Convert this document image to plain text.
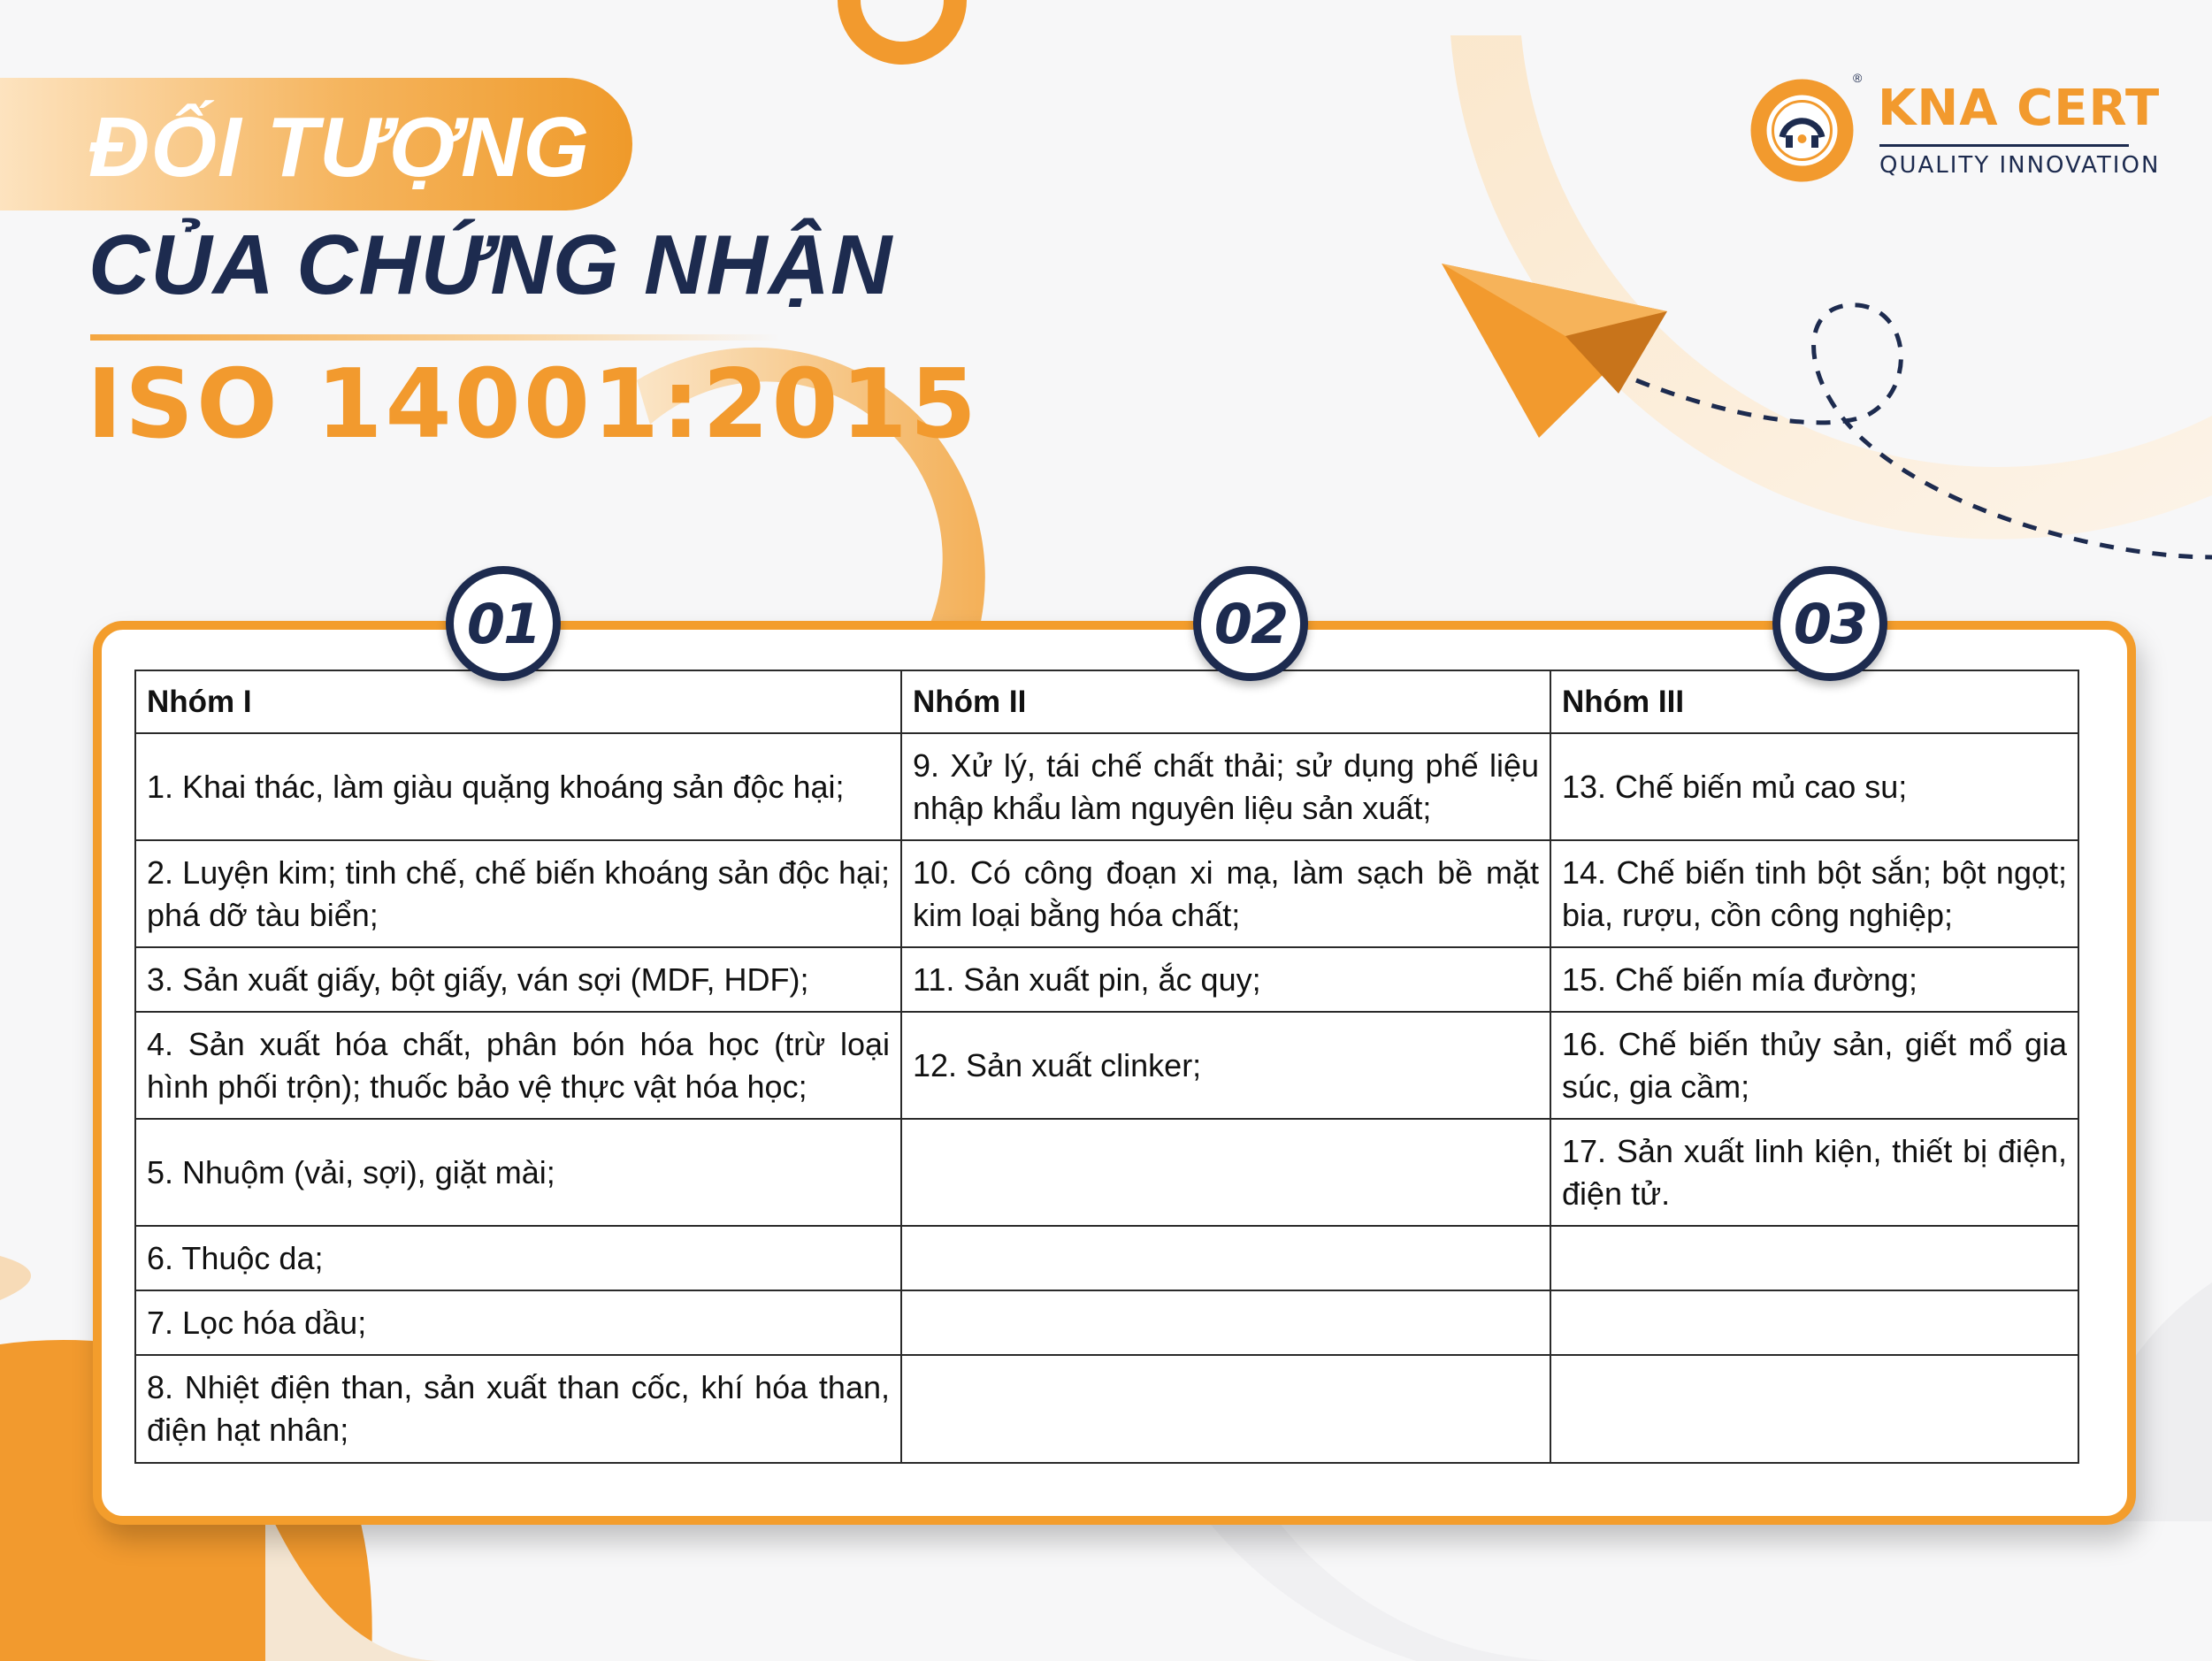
ĐỐI TƯỢNG
CỦA CHỨNG NHẬN
ISO 14001:2015
®
KNA CERT
QUALITY INNOVATION
01	02	03
Nhóm I	Nhóm II	Nhóm III
1. Khai thác, làm giàu quặng khoáng sản độc hại;	9. Xử lý, tái chế chất thải; sử dụng phế liệu nhập khẩu làm nguyên liệu sản xuất;	13. Chế biến mủ cao su;
2. Luyện kim; tinh chế, chế biến khoáng sản độc hại; phá dỡ tàu biển;	10. Có công đoạn xi mạ, làm sạch bề mặt kim loại bằng hóa chất;	14. Chế biến tinh bột sắn; bột ngọt; bia, rượu, cồn công nghiệp;
3. Sản xuất giấy, bột giấy, ván sợi (MDF, HDF);	11. Sản xuất pin, ắc quy;	15. Chế biến mía đường;
4. Sản xuất hóa chất, phân bón hóa học (trừ loại hình phối trộn); thuốc bảo vệ thực vật hóa học;	12. Sản xuất clinker;	16. Chế biến thủy sản, giết mổ gia súc, gia cầm;
5. Nhuộm (vải, sợi), giặt mài;		17. Sản xuất linh kiện, thiết bị điện, điện tử.
6. Thuộc da;		
7. Lọc hóa dầu;		
8. Nhiệt điện than, sản xuất than cốc, khí hóa than, điện hạt nhân;		
